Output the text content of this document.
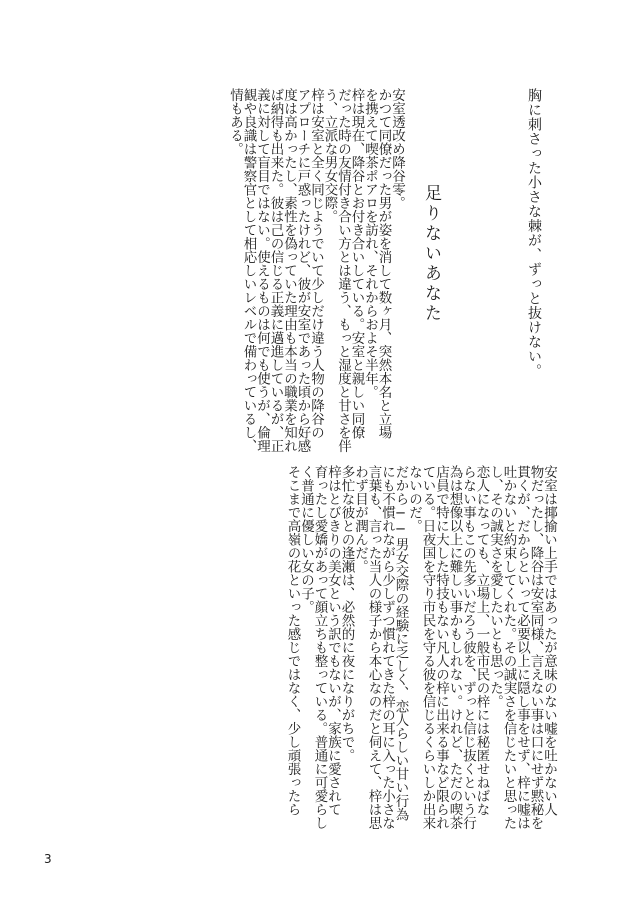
胸に刺さった小さな棘が、ずっと抜けない。
足りないあなた
安室透改め降谷零。
かつて同僚だった男が姿を消して数ヶ月、突然本名と立場
を携えて喫茶ポアロを訪れ、それからおよそ半年。
梓は現在、降谷とお付き合いしている。安室と親しい同僚
だった時の友情付き合い方とは違う、もっと湿度と甘さを伴
う、立派な男女交際。
梓は安室と全く同じようでいて少しだけ違う人物の降谷の
アプローチに戸惑ったけれど、彼が安室であった頃から好感
度は高かったし、素性を偽っていた理由も本当の職業を知れ
ば納得も出来た。彼は己の信じる正義に邁進しているが、正
義に対して盲目ではない。使えるものは何でも使うが、倫理
観や良識は警察官として相応しいレベルで備わっているし、
情もある。
安室は揶揄い上手ではあったが意味のない嘘を吐かない人
物だったし、降谷は安室同様、言えない事は口にせず黙秘を
貫くが、だからといって必要以上に隠し事をせず、梓に嘘は
吐かないと約束してくれた。その誠実さを信じたいと思った
し、その誠実さを愛したいとも思った。
恋人になっても、立場上、一般市民の梓には秘匿せねばな
らない事もこの先多いだろう彼を、ずっと信じ抜くという行
為は想像以上に難しい事かもしれない。けれど、ただの喫茶
店員で特に大した特技もない凡人の梓に出来る事など限られ
ている。日夜国を守り市民を守る彼を信じるくらいしか出来
ないのだ。
だから──男女交際の経験に乏しく、恋人らしい甘い行為
にも不慣れながら少しずつ慣れてきた梓の耳に入った小さな
言葉も、言った当人の様子から本心なのだと伺えて、梓は思
わず目が潤んだ。
多忙な彼との逢瀬は、必然的に夜になりがちで。
梓はとびきりの美女という訳でもないが、家族に愛されて
育ったし愛嬌があって顔立ちも整っている。普通に可愛らし
く普通に優しい女の子。
そこまで高嶺の花といった感じではなく、少し頑張ったら
3
